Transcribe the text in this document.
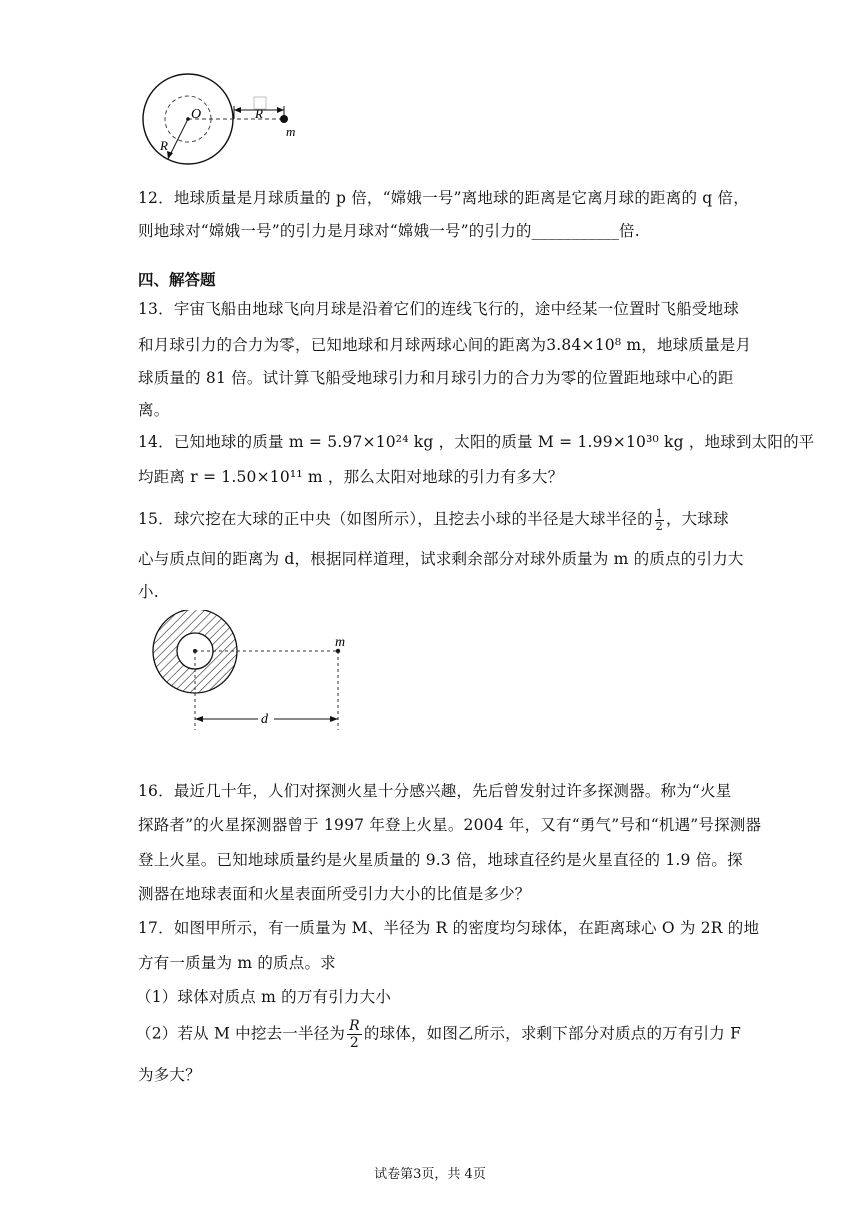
O	R
R
m
12．地球质量是月球质量的 p 倍，“嫦娥一号”离地球的距离是它离月球的距离的 q 倍，
则地球对“嫦娥一号”的引力是月球对“嫦娥一号”的引力的___________倍.
四、解答题
13．宇宙飞船由地球飞向月球是沿着它们的连线飞行的，途中经某一位置时飞船受地球
和月球引力的合力为零，已知地球和月球两球心间的距离为3.84×10⁸ m，地球质量是月
球质量的 81 倍。试计算飞船受地球引力和月球引力的合力为零的位置距地球中心的距
离。
14．已知地球的质量 m = 5.97×10²⁴ kg ，太阳的质量 M = 1.99×10³⁰ kg ，地球到太阳的平
均距离 r = 1.50×10¹¹ m ，那么太阳对地球的引力有多大？
15．球穴挖在大球的正中央（如图所示），且挖去小球的半径是大球半径的 $\frac{1}{2}$ ，大球球
心与质点间的距离为 d，根据同样道理，试求剩余部分对球外质量为 m 的质点的引力大
小.
d
m
16．最近几十年，人们对探测火星十分感兴趣，先后曾发射过许多探测器。称为“火星
探路者”的火星探测器曾于 1997 年登上火星。2004 年，又有“勇气”号和“机遇”号探测器
登上火星。已知地球质量约是火星质量的 9.3 倍，地球直径约是火星直径的 1.9 倍。探
测器在地球表面和火星表面所受引力大小的比值是多少？
17．如图甲所示，有一质量为 M、半径为 R 的密度均匀球体，在距离球心 O 为 2R 的地
方有一质量为 m 的质点。求
（1）球体对质点 m 的万有引力大小
（2）若从 M 中挖去一半径为 $\frac{R}{2}$ 的球体，如图乙所示，求剩下部分对质点的万有引力 F
为多大？
试卷第3页，共 4页
